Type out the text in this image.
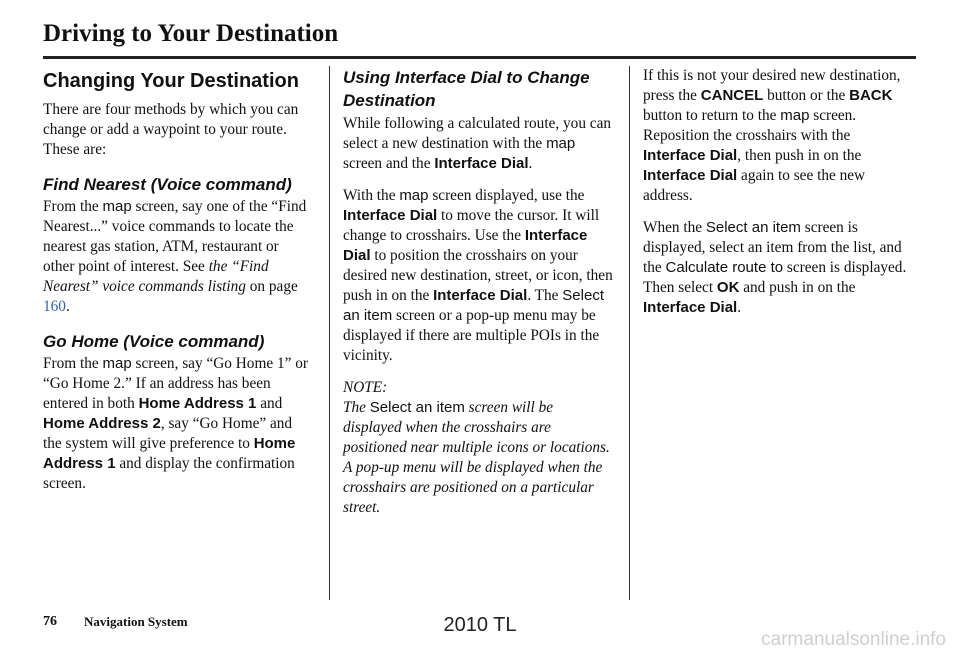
Driving to Your Destination
Changing Your Destination

There are four methods by which you can change or add a waypoint to your route. These are:

Find Nearest (Voice command)

From the map screen, say one of the “Find Nearest...” voice commands to locate the nearest gas station, ATM, restaurant or other point of interest. See the “Find Nearest” voice commands listing on page 160.

Go Home (Voice command)

From the map screen, say “Go Home 1” or “Go Home 2.” If an address has been entered in both Home Address 1 and Home Address 2, say “Go Home” and the system will give preference to Home Address 1 and display the confirmation screen.

Using Interface Dial to Change Destination

While following a calculated route, you can select a new destination with the map screen and the Interface Dial.

With the map screen displayed, use the Interface Dial to move the cursor. It will change to crosshairs. Use the Interface Dial to position the crosshairs on your desired new destination, street, or icon, then push in on the Interface Dial. The Select an item screen or a pop-up menu may be displayed if there are multiple POIs in the vicinity.

NOTE:

The Select an item screen will be displayed when the crosshairs are positioned near multiple icons or locations. A pop-up menu will be displayed when the crosshairs are positioned on a particular street.

If this is not your desired new destination, press the CANCEL button or the BACK button to return to the map screen. Reposition the crosshairs with the Interface Dial, then push in on the Interface Dial again to see the new address.

When the Select an item screen is displayed, select an item from the list, and the Calculate route to screen is displayed. Then select OK and push in on the Interface Dial.

76 Navigation System	2010 TL
carmanualsonline.info
